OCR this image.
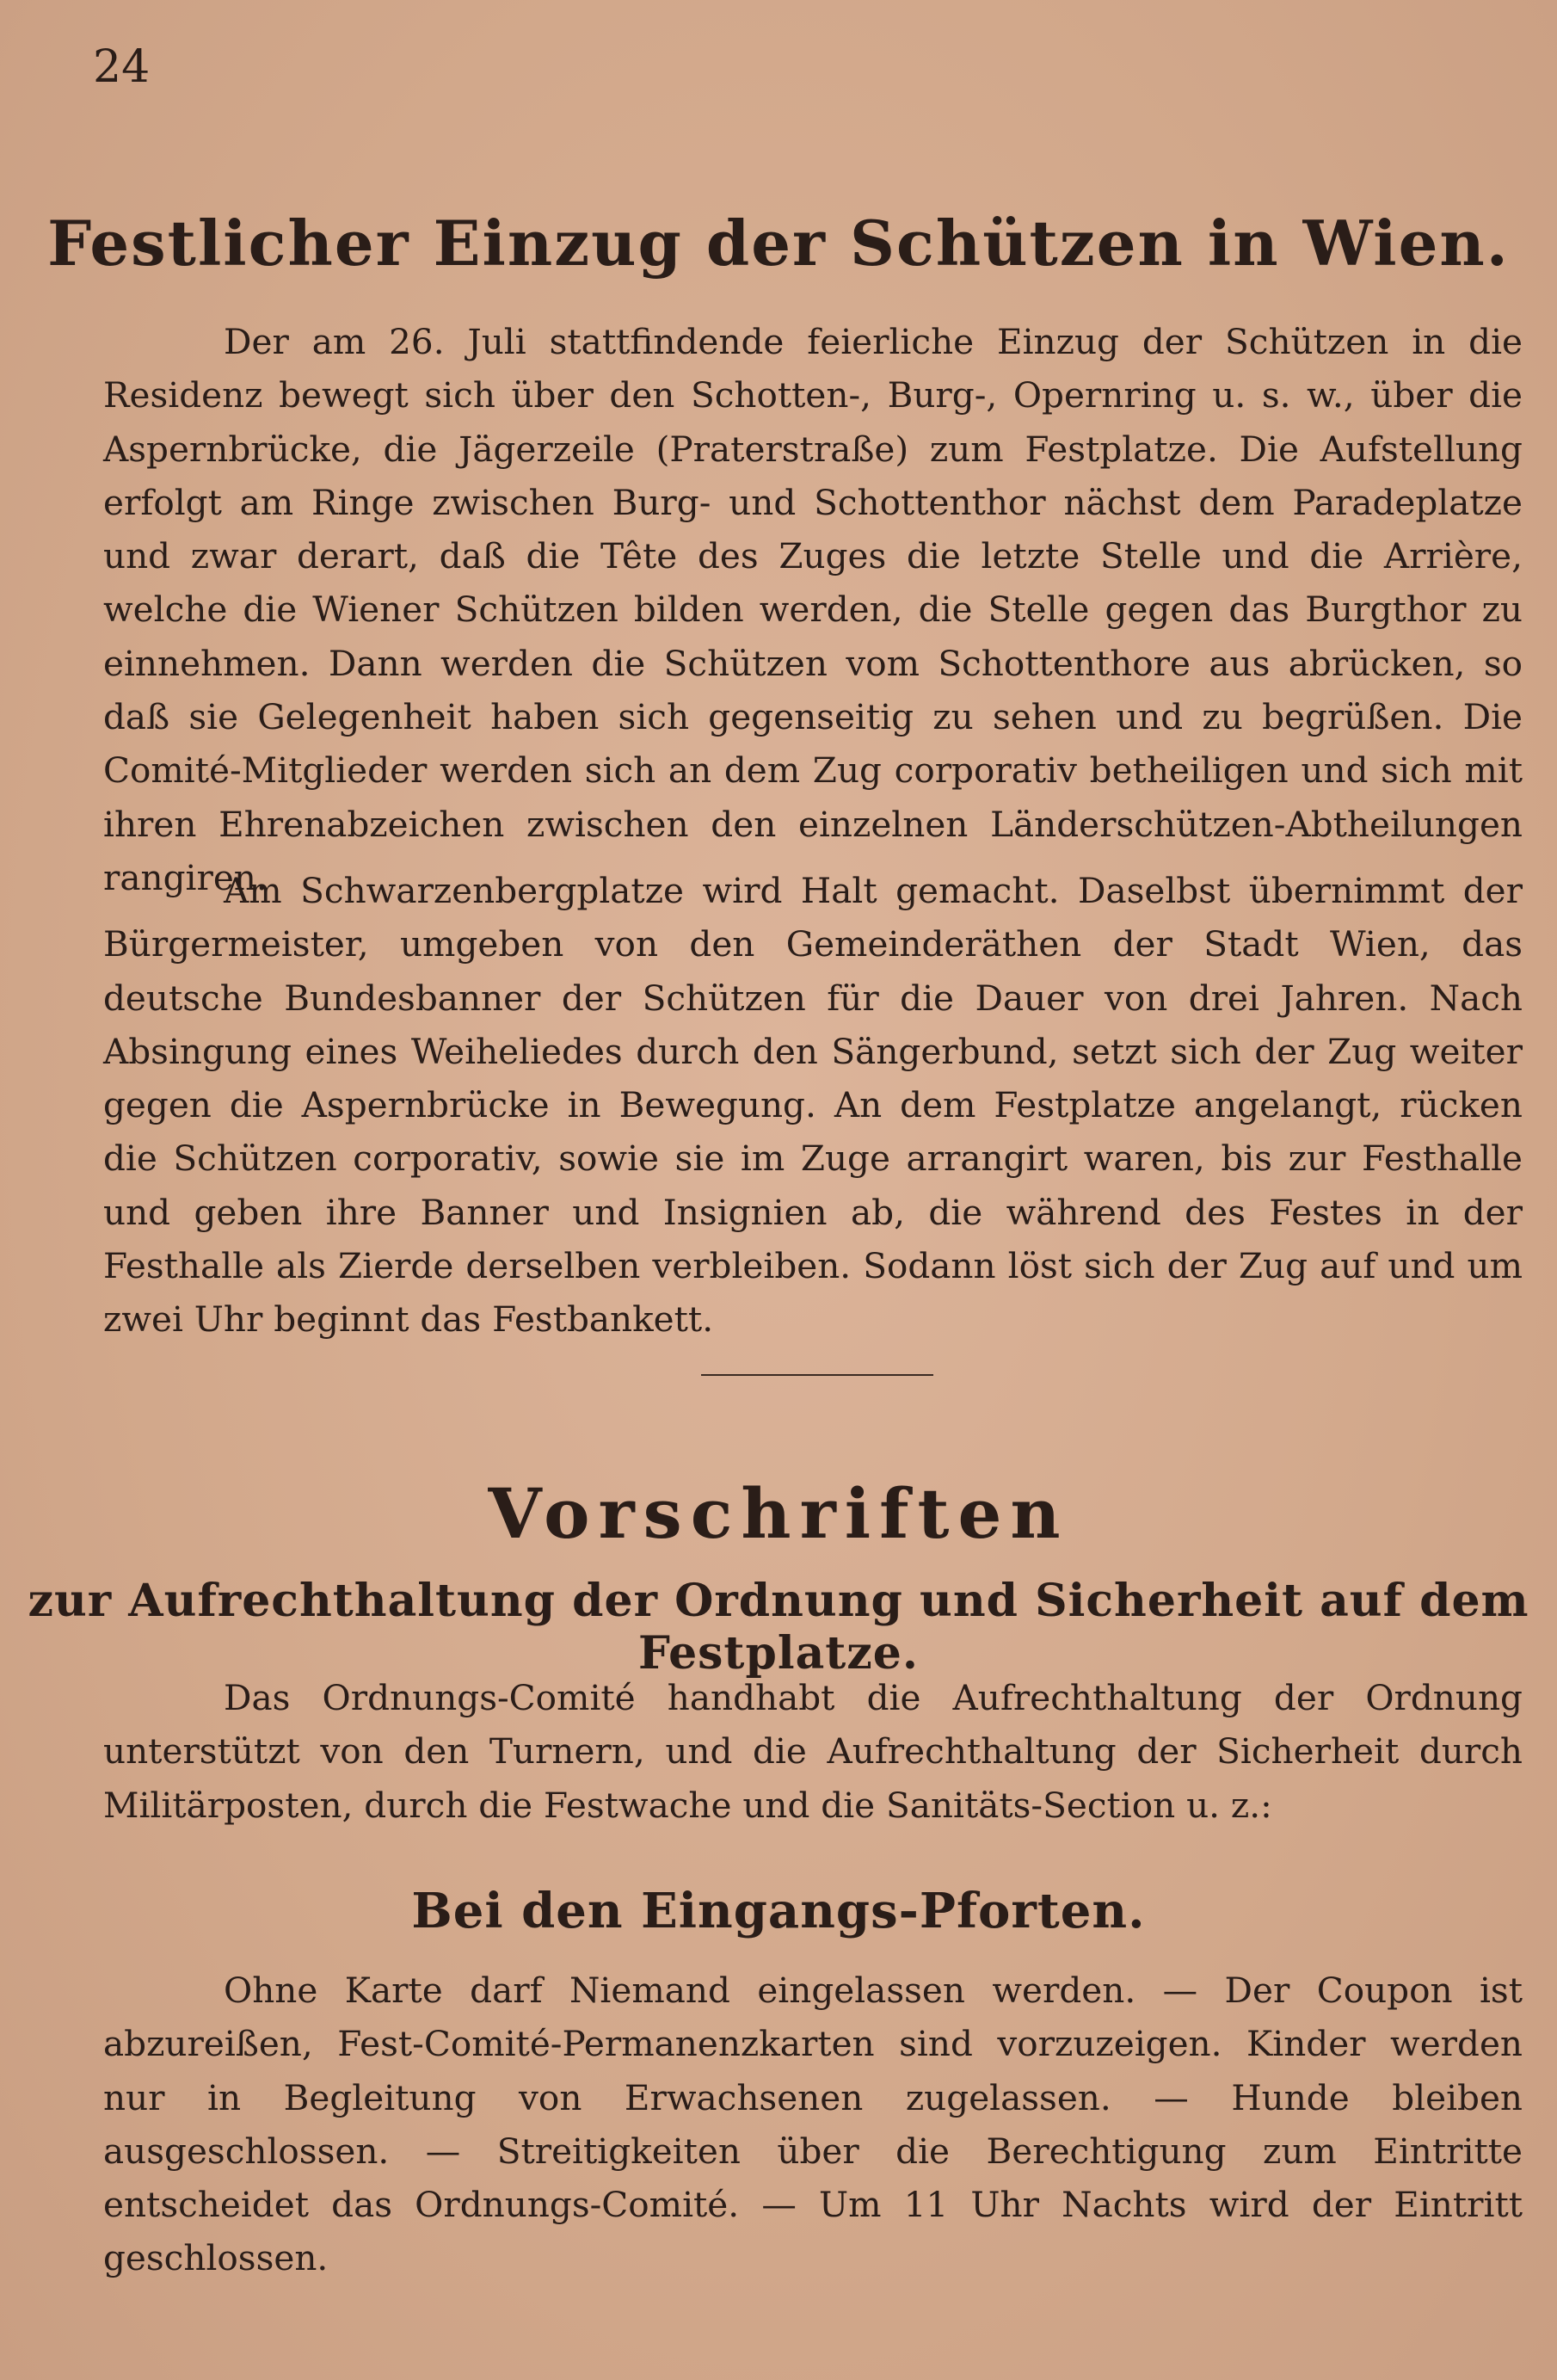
24
Festlicher Einzug der Schützen in Wien.
Der am 26. Juli stattfindende feierliche Einzug der Schützen in die Residenz bewegt sich über den Schotten-, Burg-, Opernring u. s. w., über die Aspernbrücke, die Jägerzeile (Praterstraße) zum Festplatze. Die Aufstellung erfolgt am Ringe zwischen Burg- und Schottenthor nächst dem Paradeplatze und zwar derart, daß die Tête des Zuges die letzte Stelle und die Arrière, welche die Wiener Schützen bilden werden, die Stelle gegen das Burgthor zu einnehmen. Dann werden die Schützen vom Schottenthore aus abrücken, so daß sie Gelegenheit haben sich gegenseitig zu sehen und zu begrüßen. Die Comité-Mitglieder werden sich an dem Zug corporativ betheiligen und sich mit ihren Ehrenabzeichen zwischen den einzelnen Länderschützen-Abtheilungen rangiren.
Am Schwarzenbergplatze wird Halt gemacht. Daselbst übernimmt der Bürgermeister, umgeben von den Gemeinderäthen der Stadt Wien, das deutsche Bundesbanner der Schützen für die Dauer von drei Jahren. Nach Absingung eines Weiheliedes durch den Sängerbund, setzt sich der Zug weiter gegen die Aspernbrücke in Bewegung. An dem Festplatze angelangt, rücken die Schützen corporativ, sowie sie im Zuge arrangirt waren, bis zur Festhalle und geben ihre Banner und Insignien ab, die während des Festes in der Festhalle als Zierde derselben verbleiben. Sodann löst sich der Zug auf und um zwei Uhr beginnt das Festbankett.
Vorschriften
zur Aufrechthaltung der Ordnung und Sicherheit auf dem Festplatze.
Das Ordnungs-Comité handhabt die Aufrechthaltung der Ordnung unterstützt von den Turnern, und die Aufrechthaltung der Sicherheit durch Militärposten, durch die Festwache und die Sanitäts-Section u. z.:
Bei den Eingangs-Pforten.
Ohne Karte darf Niemand eingelassen werden. — Der Coupon ist abzureißen, Fest-Comité-Permanenzkarten sind vorzuzeigen. Kinder werden nur in Begleitung von Erwachsenen zugelassen. — Hunde bleiben ausgeschlossen. — Streitigkeiten über die Berechtigung zum Eintritte entscheidet das Ordnungs-Comité. — Um 11 Uhr Nachts wird der Eintritt geschlossen.
